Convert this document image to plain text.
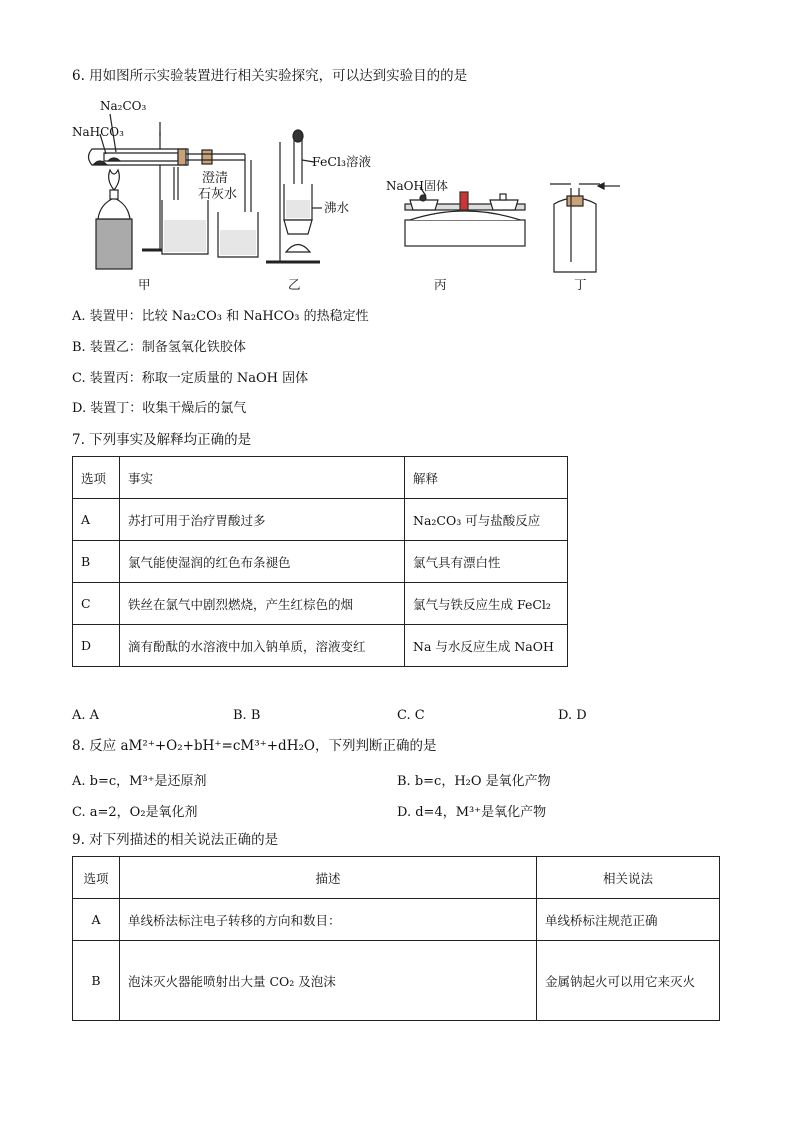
6. 用如图所示实验装置进行相关实验探究，可以达到实验目的的是
Na₂CO₃
NaHCO₃
澄清
石灰水
FeCl₃溶液
沸水
NaOH固体
甲	乙	丙	丁
A. 装置甲：比较 Na₂CO₃ 和 NaHCO₃ 的热稳定性
B. 装置乙：制备氢氧化铁胶体
C. 装置丙：称取一定质量的 NaOH 固体
D. 装置丁：收集干燥后的氯气
7. 下列事实及解释均正确的是
选项	事实	解释
A	苏打可用于治疗胃酸过多	Na₂CO₃ 可与盐酸反应
B	氯气能使湿润的红色布条褪色	氯气具有漂白性
C	铁丝在氯气中剧烈燃烧，产生红棕色的烟	氯气与铁反应生成 FeCl₂
D	滴有酚酞的水溶液中加入钠单质，溶液变红	Na 与水反应生成 NaOH
A. A	B. B	C. C	D. D
8. 反应 aM²⁺+O₂+bH⁺=cM³⁺+dH₂O，下列判断正确的是
A. b=c，M³⁺是还原剂	B. b=c，H₂O 是氧化产物
C. a=2，O₂是氧化剂	D. d=4，M³⁺是氧化产物
9. 对下列描述的相关说法正确的是
选项	描述	相关说法
A	单线桥法标注电子转移的方向和数目：	单线桥标注规范正确
B	泡沫灭火器能喷射出大量 CO₂ 及泡沫	金属钠起火可以用它来灭火
